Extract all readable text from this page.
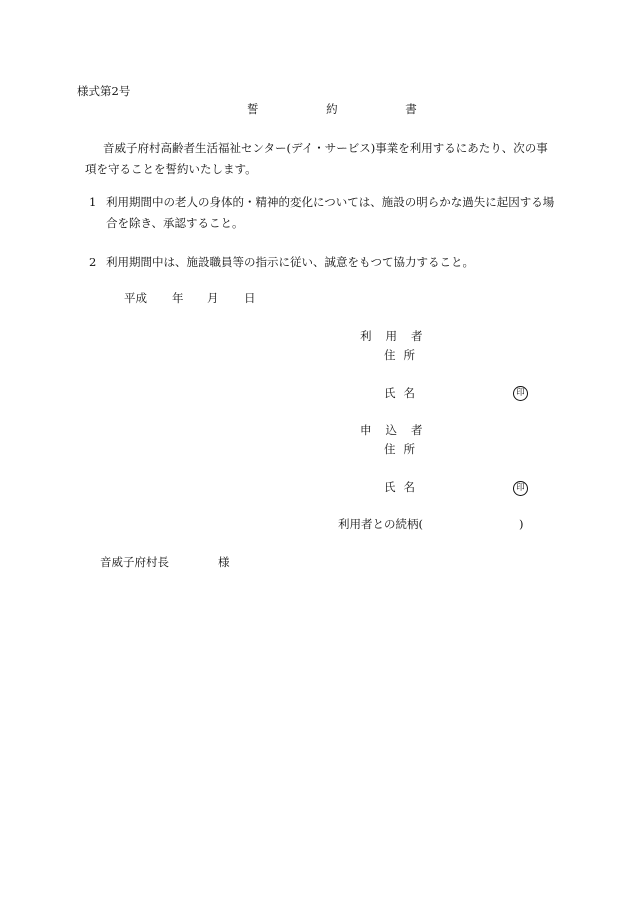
様式第2号
誓 約 書
音威子府村高齢者生活福祉センター(デイ・サービス)事業を利用するにあたり、次の事項を守ることを誓約いたします。
1 利用期間中の老人の身体的・精神的変化については、施設の明らかな過失に起因する場合を除き、承認すること。
2 利用期間中は、施設職員等の指示に従い、誠意をもつて協力すること。
平成 年 月 日
利用者
住所
氏名	印
申込者
住所
氏名	印
利用者との続柄(	)
音威子府村長	様
